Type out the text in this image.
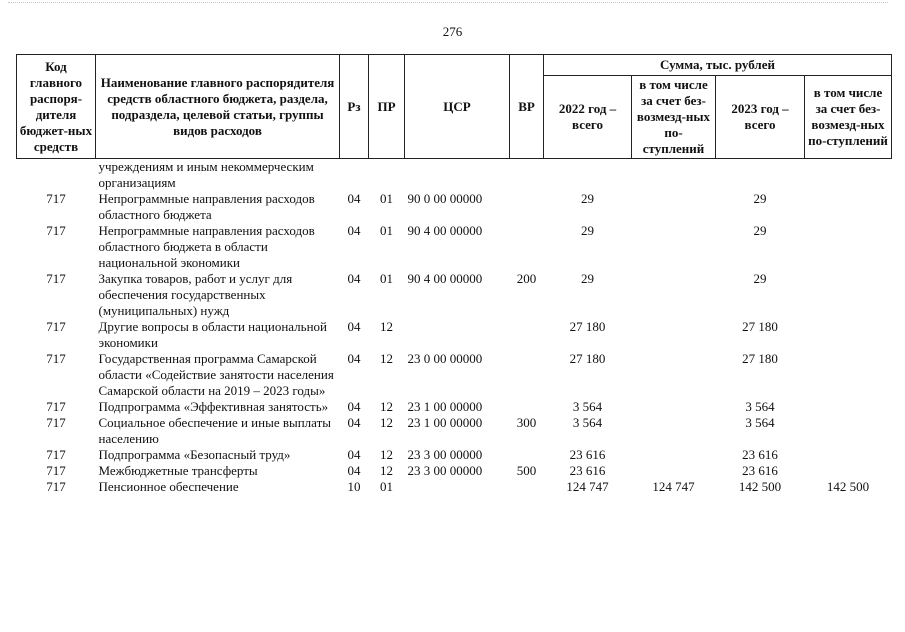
276
Код главного распоря-дителя бюджет-ных средств	Наименование главного распорядителя средств областного бюджета, раздела, подраздела, целевой статьи, группы видов расходов	Рз	ПР	ЦСР	ВР	Сумма, тыс. рублей			
						2022 год – всего	в том числе за счет без-возмезд-ных по-ступлений	2023 год – всего	в том числе за счет без-возмезд-ных по-ступлений
	учреждениям и иным некоммерческим организациям								
717	Непрограммные направления расходов областного бюджета	04	01	90 0 00 00000		29		29	
717	Непрограммные направления расходов областного бюджета в области национальной экономики	04	01	90 4 00 00000		29		29	
717	Закупка товаров, работ и услуг для обеспечения государственных (муниципальных) нужд	04	01	90 4 00 00000	200	29		29	
717	Другие вопросы в области национальной экономики	04	12			27 180		27 180	
717	Государственная программа Самарской области «Содействие занятости населения Самарской области на 2019 – 2023 годы»	04	12	23 0 00 00000		27 180		27 180	
717	Подпрограмма «Эффективная занятость»	04	12	23 1 00 00000		3 564		3 564	
717	Социальное обеспечение и иные выплаты населению	04	12	23 1 00 00000	300	3 564		3 564	
717	Подпрограмма «Безопасный труд»	04	12	23 3 00 00000		23 616		23 616	
717	Межбюджетные трансферты	04	12	23 3 00 00000	500	23 616		23 616	
717	Пенсионное обеспечение	10	01			124 747	124 747	142 500	142 500
